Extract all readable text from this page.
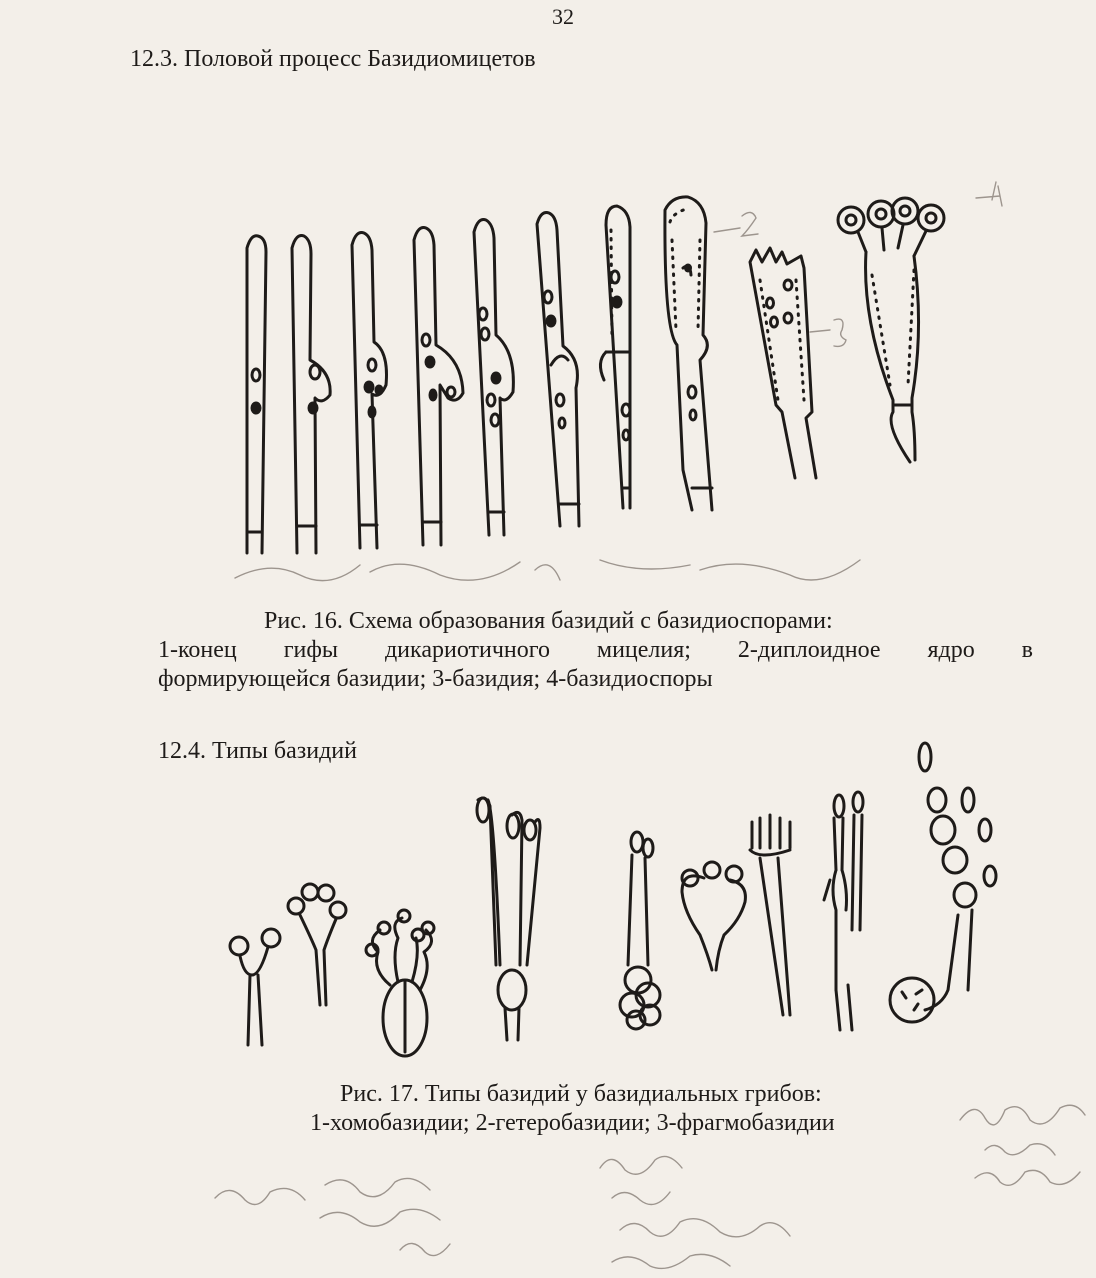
32
12.3. Половой процесс Базидиомицетов
Рис. 16. Схема образования базидий с базидиоспорами:
1-конец гифы дикариотичного мицелия; 2-диплоидное ядро в
формирующейся базидии; 3-базидия; 4-базидиоспоры
12.4. Типы базидий
Рис. 17. Типы базидий у базидиальных грибов:
1-хомобазидии; 2-гетеробазидии; 3-фрагмобазидии
